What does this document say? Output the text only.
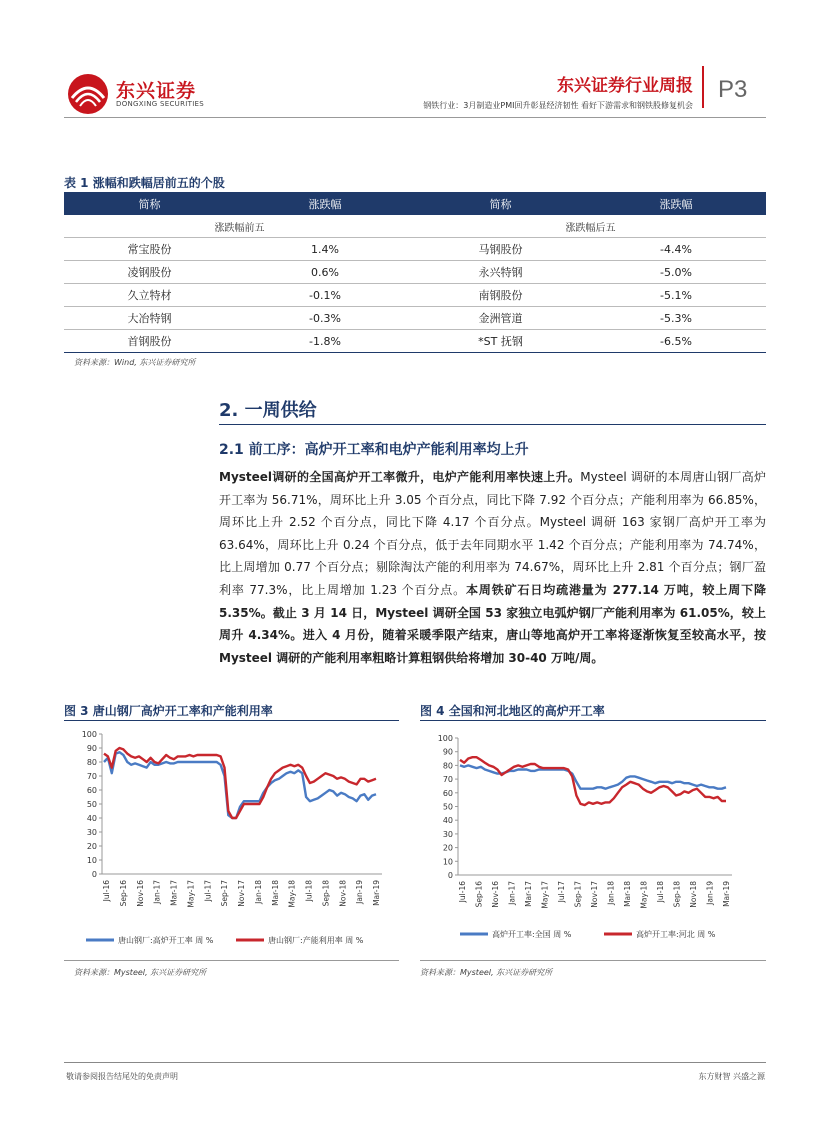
东兴证券
DONGXING SECURITIES
东兴证券行业周报
钢铁行业：3月制造业PMI回升彰显经济韧性 看好下游需求和钢铁股修复机会
P3
表 1 涨幅和跌幅居前五的个股
简称	涨跌幅	简称	涨跌幅
涨跌幅前五		涨跌幅后五	
常宝股份	1.4%	马钢股份	-4.4%
凌钢股份	0.6%	永兴特钢	-5.0%
久立特材	-0.1%	南钢股份	-5.1%
大冶特钢	-0.3%	金洲管道	-5.3%
首钢股份	-1.8%	*ST 抚钢	-6.5%
资料来源：Wind, 东兴证券研究所
2. 一周供给
2.1 前工序：高炉开工率和电炉产能利用率均上升
Mysteel调研的全国高炉开工率微升，电炉产能利用率快速上升。Mysteel 调研的本周唐山钢厂高炉开工率为 56.71%，周环比上升 3.05 个百分点，同比下降 7.92 个百分点；产能利用率为 66.85%，周环比上升 2.52 个百分点，同比下降 4.17 个百分点。Mysteel 调研 163 家钢厂高炉开工率为 63.64%，周环比上升 0.24 个百分点，低于去年同期水平 1.42 个百分点；产能利用率为 74.74%，比上周增加 0.77 个百分点；剔除淘汰产能的利用率为 74.67%，周环比上升 2.81 个百分点；钢厂盈利率 77.3%，比上周增加 1.23 个百分点。本周铁矿石日均疏港量为 277.14 万吨，较上周下降 5.35%。截止 3 月 14 日，Mysteel 调研全国 53 家独立电弧炉钢厂产能利用率为 61.05%，较上周升 4.34%。进入 4 月份，随着采暖季限产结束，唐山等地高炉开工率将逐渐恢复至较高水平，按 Mysteel 调研的产能利用率粗略计算粗钢供给将增加 30-40 万吨/周。
图 3 唐山钢厂高炉开工率和产能利用率
0
10
20
30
40
50
60
70
80
90
100
Jul-16 Sep-16 Nov-16 Jan-17 Mar-17 May-17 Jul-17 Sep-17 Nov-17 Jan-18 Mar-18 May-18 Jul-18 Sep-18 Nov-18 Jan-19 Mar-19
唐山钢厂:高炉开工率 周 %	唐山钢厂:产能利用率 周 %
资料来源：Mysteel, 东兴证券研究所
图 4 全国和河北地区的高炉开工率
0
10
20
30
40
50
60
70
80
90
100
Jul-16 Sep-16 Nov-16 Jan-17 Mar-17 May-17 Jul-17 Sep-17 Nov-17 Jan-18 Mar-18 May-18 Jul-18 Sep-18 Nov-18 Jan-19 Mar-19
高炉开工率:全国 周 %	高炉开工率:河北 周 %
资料来源：Mysteel, 东兴证券研究所
敬请参阅报告结尾处的免责声明	东方财智 兴盛之源
